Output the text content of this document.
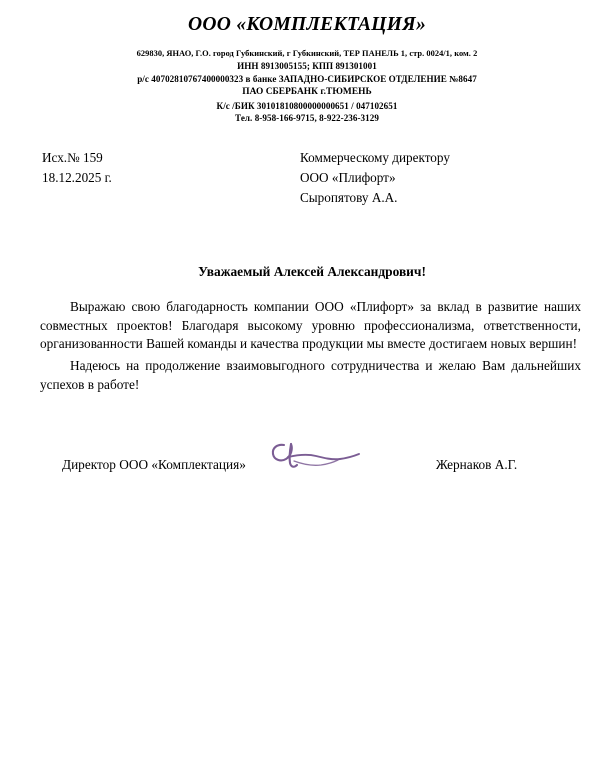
ООО «КОМПЛЕКТАЦИЯ»
629830, ЯНАО, Г.О. город Губкинский, г Губкинский, ТЕР ПАНЕЛЬ 1, стр. 0024/1, ком. 2
ИНН 8913005155; КПП 891301001
р/с 40702810767400000323 в банке ЗАПАДНО-СИБИРСКОЕ ОТДЕЛЕНИЕ №8647
ПАО СБЕРБАНК г.ТЮМЕНЬ
К/с /БИК 30101810800000000651 / 047102651
Тел. 8-958-166-9715, 8-922-236-3129
Исх.№ 159
18.12.2025 г.
Коммерческому директору
ООО «Плифорт»
Сыропятову А.А.
Уважаемый Алексей Александрович!

Выражаю свою благодарность компании ООО «Плифорт» за вклад в развитие наших совместных проектов! Благодаря высокому уровню профессионализма, ответственности, организованности Вашей команды и качества продукции мы вместе достигаем новых вершин!

Надеюсь на продолжение взаимовыгодного сотрудничества и желаю Вам дальнейших успехов в работе!

Директор ООО «Комплектация»	Жернаков А.Г.
